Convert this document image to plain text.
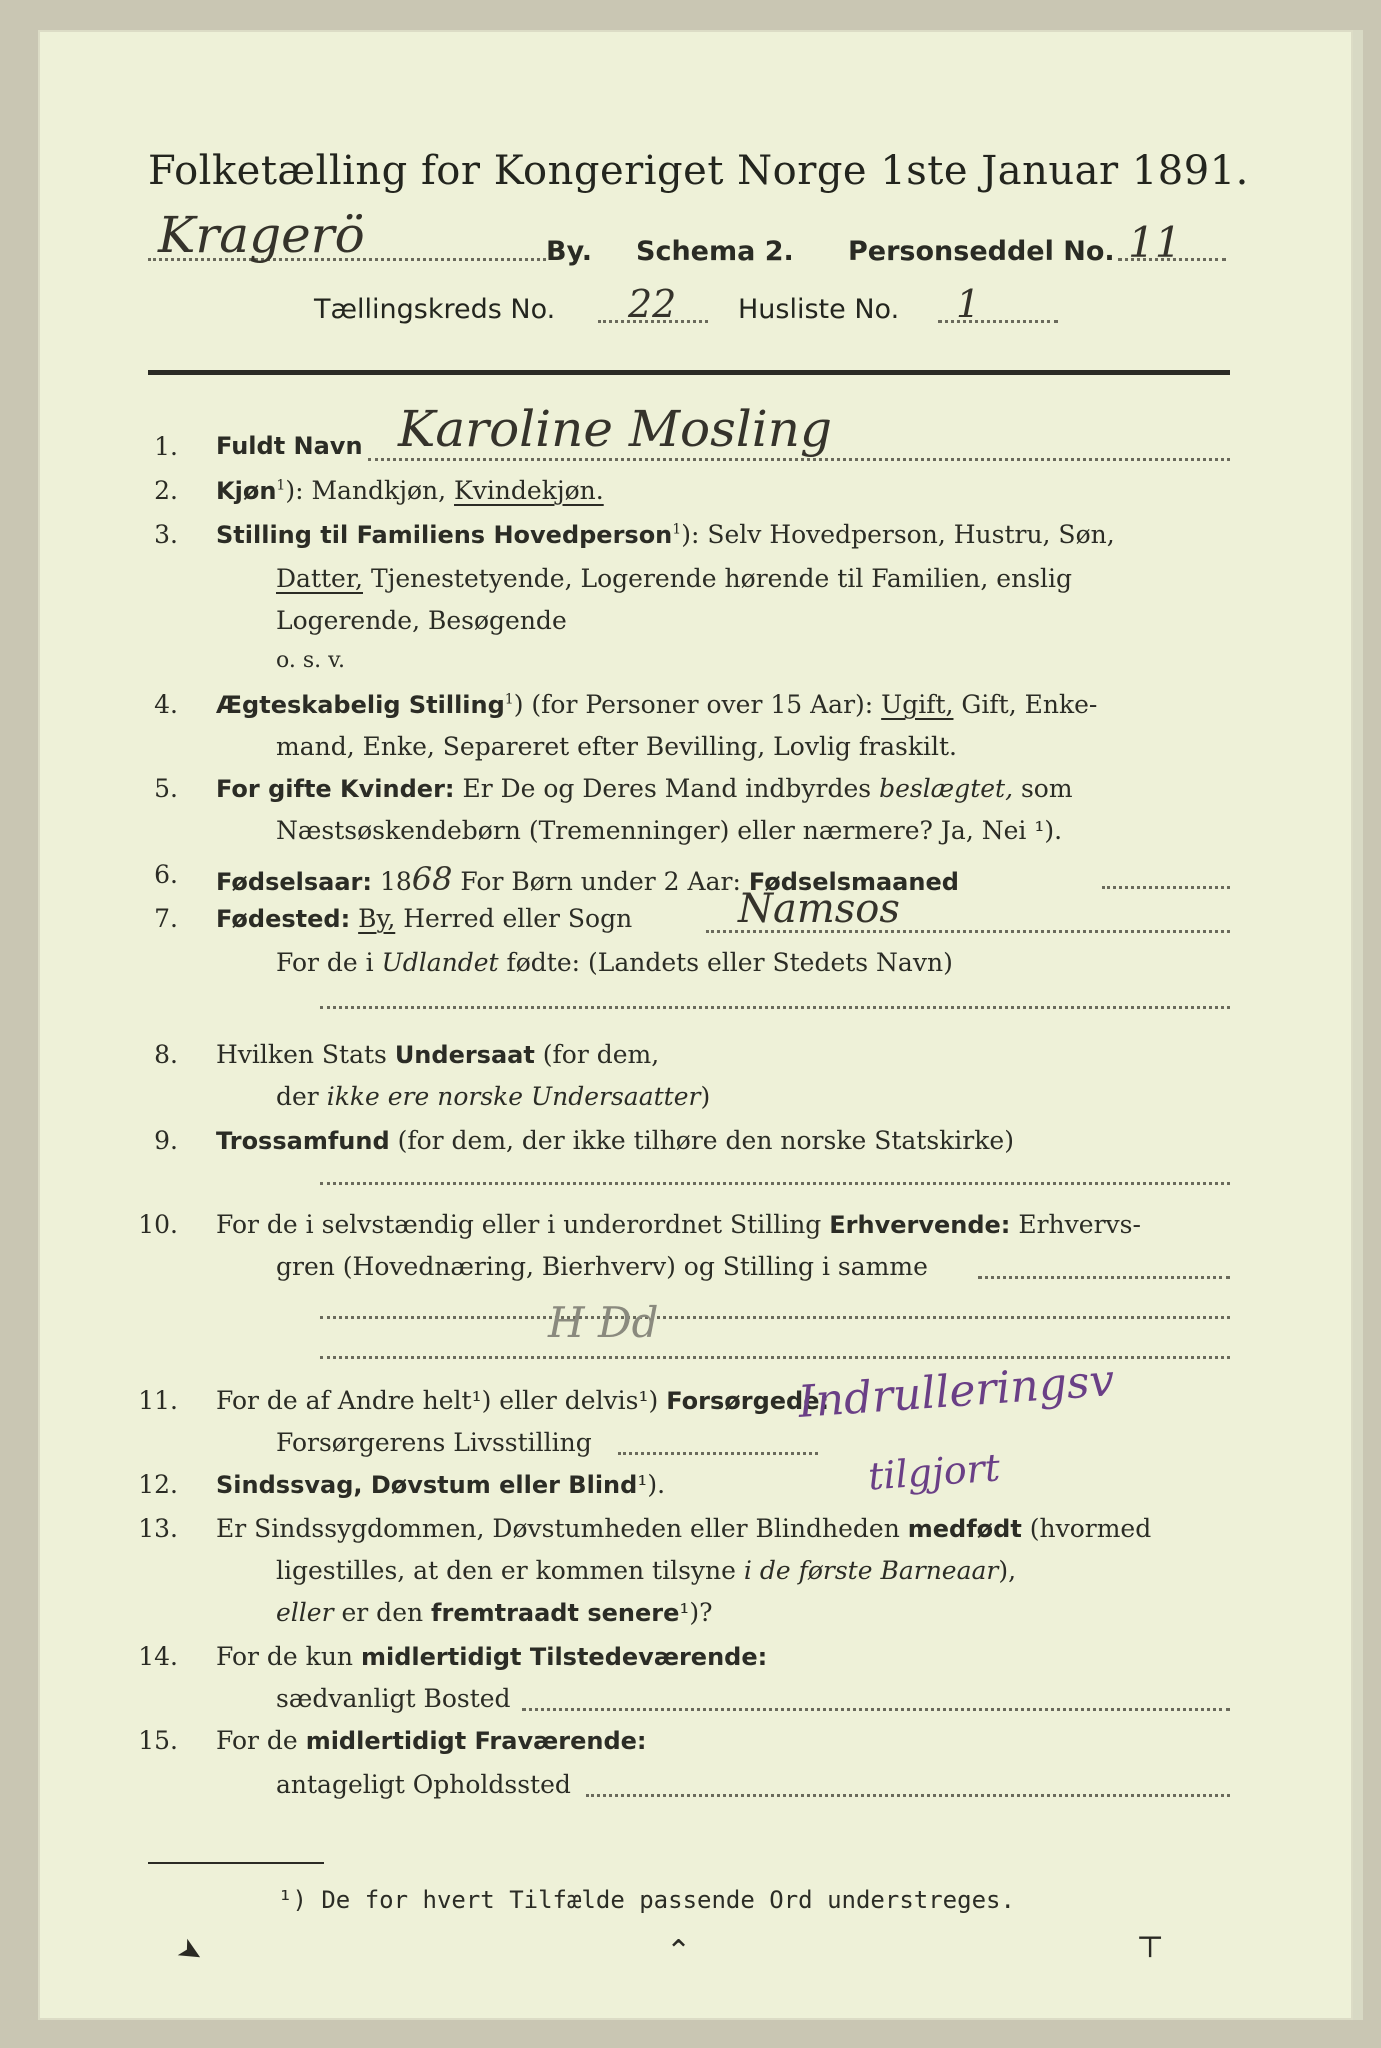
Folketælling for Kongeriget Norge 1ste Januar 1891.
Kragerö	By. Schema 2. Personseddel No. 11
Tællingskreds No. 22 Husliste No. 1
1. Fuldt Navn Karoline Mosling
2. Kjøn$^1$): Mandkjøn, Kvindekjøn.
3. Stilling til Familiens Hovedperson$^1$): Selv Hovedperson, Hustru, Søn,
Datter, Tjenestetyende, Logerende hørende til Familien, enslig
Logerende, Besøgende
o. s. v.
4. Ægteskabelig Stilling$^1$) (for Personer over 15 Aar): Ugift, Gift, Enke-
mand, Enke, Separeret efter Bevilling, Lovlig fraskilt.
5. For gifte Kvinder: Er De og Deres Mand indbyrdes beslægtet, som
Næstsøskendebørn (Tremenninger) eller nærmere? Ja, Nei ¹).
6. Fødselsaar: 1868 For Børn under 2 Aar: Fødselsmaaned
7. Fødested: By, Herred eller Sogn	Namsos
For de i Udlandet fødte: (Landets eller Stedets Navn)
8. Hvilken Stats Undersaat (for dem,
der ikke ere norske Undersaatter)
9. Trossamfund (for dem, der ikke tilhøre den norske Statskirke)
10. For de i selvstændig eller i underordnet Stilling Erhvervende: Erhvervs-
gren (Hovednæring, Bierhverv) og Stilling i samme
H Dd
11. For de af Andre helt¹) eller delvis¹) Forsørgede:
Forsørgerens Livsstilling
12. Sindssvag, Døvstum eller Blind¹).
13. Er Sindssygdommen, Døvstumheden eller Blindheden medfødt (hvormed
ligestilles, at den er kommen tilsyne i de første Barneaar),
eller er den fremtraadt senere¹)?
14. For de kun midlertidigt Tilstedeværende:
sædvanligt Bosted
15. For de midlertidigt Fraværende:
antageligt Opholdssted
Indrulleringsv
tilgjort
¹) De for hvert Tilfælde passende Ord understreges.
➤	⌃	⊤
